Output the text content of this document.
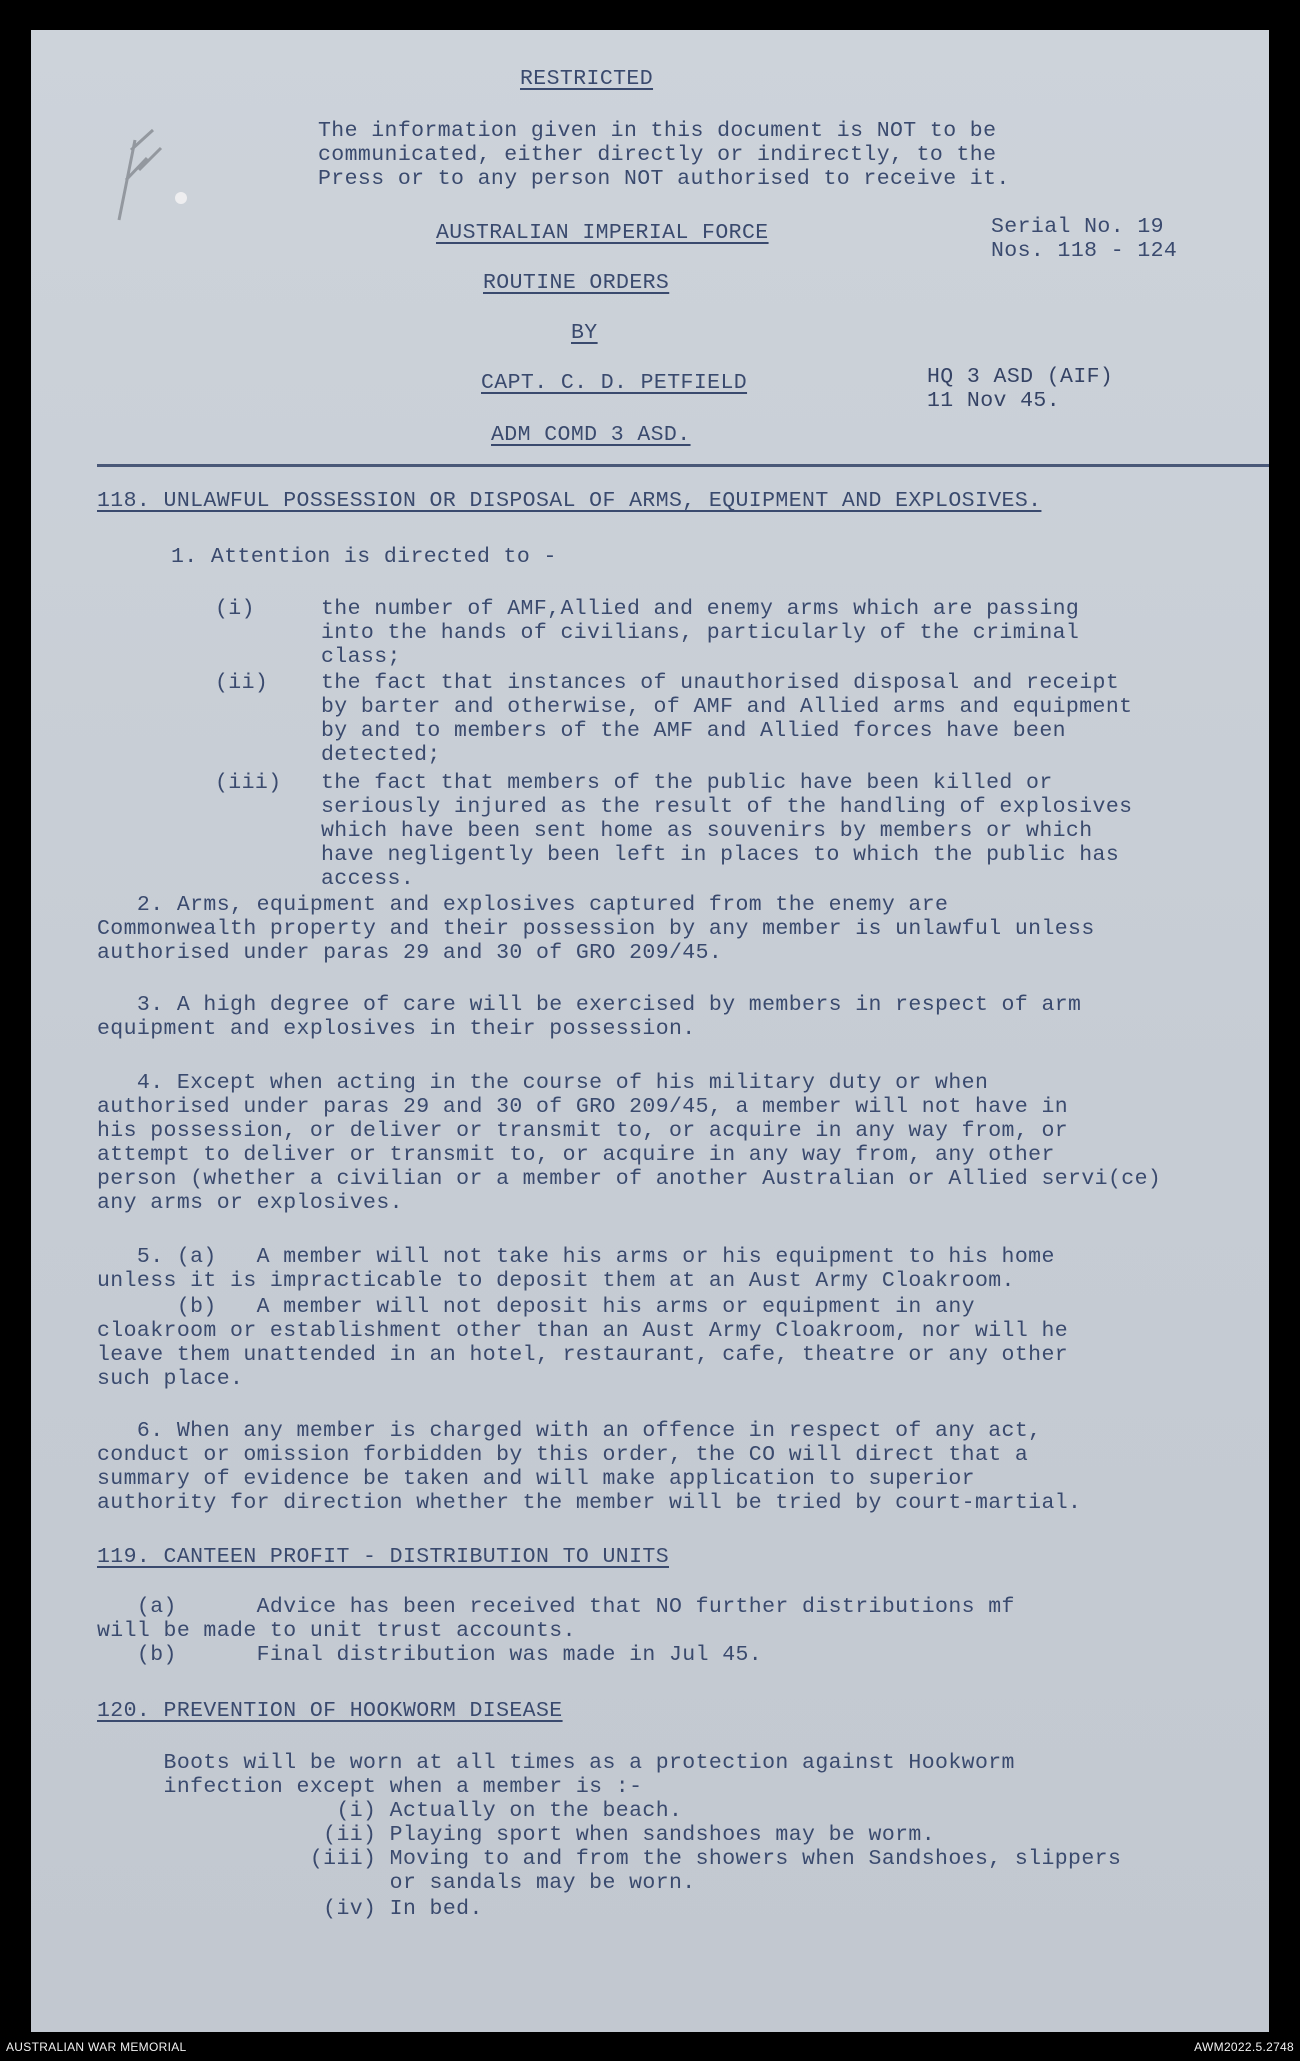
RESTRICTED
The information given in this document is NOT to be
communicated, either directly or indirectly, to the
Press or to any person NOT authorised to receive it.
AUSTRALIAN IMPERIAL FORCE	Serial No. 19
Nos. 118 - 124
ROUTINE ORDERS
BY
CAPT. C. D. PETFIELD	HQ 3 ASD (AIF)
11 Nov 45.
ADM COMD 3 ASD.
118. UNLAWFUL POSSESSION OR DISPOSAL OF ARMS, EQUIPMENT AND EXPLOSIVES.
1. Attention is directed to -
(i)	the number of AMF,Allied and enemy arms which are passing
into the hands of civilians, particularly of the criminal
class;
(ii) the fact that instances of unauthorised disposal and receipt
by barter and otherwise, of AMF and Allied arms and equipment
by and to members of the AMF and Allied forces have been
detected;
(iii) the fact that members of the public have been killed or
seriously injured as the result of the handling of explosives
which have been sent home as souvenirs by members or which
have negligently been left in places to which the public has
access.
2. Arms, equipment and explosives captured from the enemy are
Commonwealth property and their possession by any member is unlawful unless
authorised under paras 29 and 30 of GRO 209/45.
3. A high degree of care will be exercised by members in respect of arm
equipment and explosives in their possession.
4. Except when acting in the course of his military duty or when
authorised under paras 29 and 30 of GRO 209/45, a member will not have in
his possession, or deliver or transmit to, or acquire in any way from, or
attempt to deliver or transmit to, or acquire in any way from, any other
person (whether a civilian or a member of another Australian or Allied servi(ce)
any arms or explosives.
5. (a)   A member will not take his arms or his equipment to his home
unless it is impracticable to deposit them at an Aust Army Cloakroom.
(b)   A member will not deposit his arms or equipment in any
cloakroom or establishment other than an Aust Army Cloakroom, nor will he
leave them unattended in an hotel, restaurant, cafe, theatre or any other
such place.
6. When any member is charged with an offence in respect of any act,
conduct or omission forbidden by this order, the CO will direct that a
summary of evidence be taken and will make application to superior
authority for direction whether the member will be tried by court-martial.
119. CANTEEN PROFIT - DISTRIBUTION TO UNITS
(a)      Advice has been received that NO further distributions mf
will be made to unit trust accounts.
(b)      Final distribution was made in Jul 45.
120. PREVENTION OF HOOKWORM DISEASE
Boots will be worn at all times as a protection against Hookworm
infection except when a member is :-
(i) Actually on the beach.
(ii) Playing sport when sandshoes may be worm.
(iii) Moving to and from the showers when Sandshoes, slippers
or sandals may be worn.
(iv) In bed.
AUSTRALIAN WAR MEMORIAL	AWM2022.5.2748
